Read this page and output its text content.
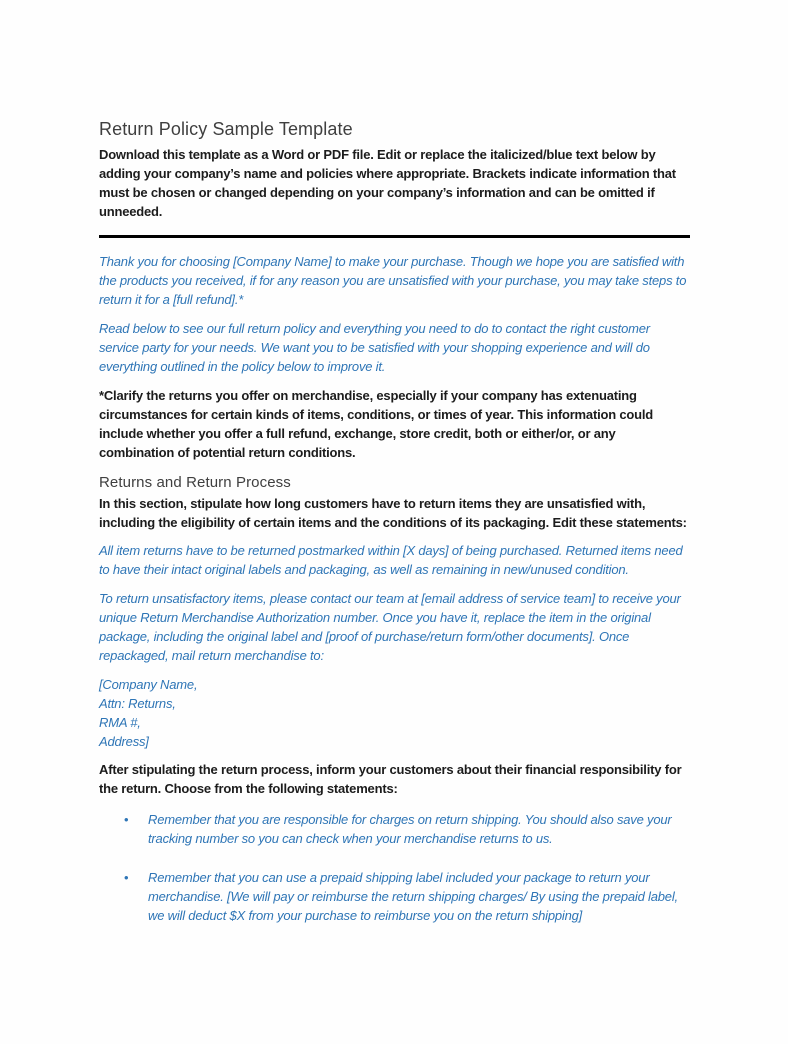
Return Policy Sample Template

Download this template as a Word or PDF file. Edit or replace the italicized/blue text below by adding your company’s name and policies where appropriate. Brackets indicate information that must be chosen or changed depending on your company’s information and can be omitted if unneeded.

Thank you for choosing [Company Name] to make your purchase. Though we hope you are satisfied with the products you received, if for any reason you are unsatisfied with your purchase, you may take steps to return it for a [full refund].*

Read below to see our full return policy and everything you need to do to contact the right customer service party for your needs. We want you to be satisfied with your shopping experience and will do everything outlined in the policy below to improve it.

*Clarify the returns you offer on merchandise, especially if your company has extenuating circumstances for certain kinds of items, conditions, or times of year. This information could include whether you offer a full refund, exchange, store credit, both or either/or, or any combination of potential return conditions.

Returns and Return Process

In this section, stipulate how long customers have to return items they are unsatisfied with, including the eligibility of certain items and the conditions of its packaging. Edit these statements:

All item returns have to be returned postmarked within [X days] of being purchased. Returned items need to have their intact original labels and packaging, as well as remaining in new/unused condition.

To return unsatisfactory items, please contact our team at [email address of service team] to receive your unique Return Merchandise Authorization number. Once you have it, replace the item in the original package, including the original label and [proof of purchase/return form/other documents]. Once repackaged, mail return merchandise to:

[Company Name,
Attn: Returns,
RMA #,
Address]

After stipulating the return process, inform your customers about their financial responsibility for the return. Choose from the following statements:

•	Remember that you are responsible for charges on return shipping. You should also save your tracking number so you can check when your merchandise returns to us.
•	Remember that you can use a prepaid shipping label included your package to return your merchandise. [We will pay or reimburse the return shipping charges/ By using the prepaid label, we will deduct $X from your purchase to reimburse you on the return shipping]
